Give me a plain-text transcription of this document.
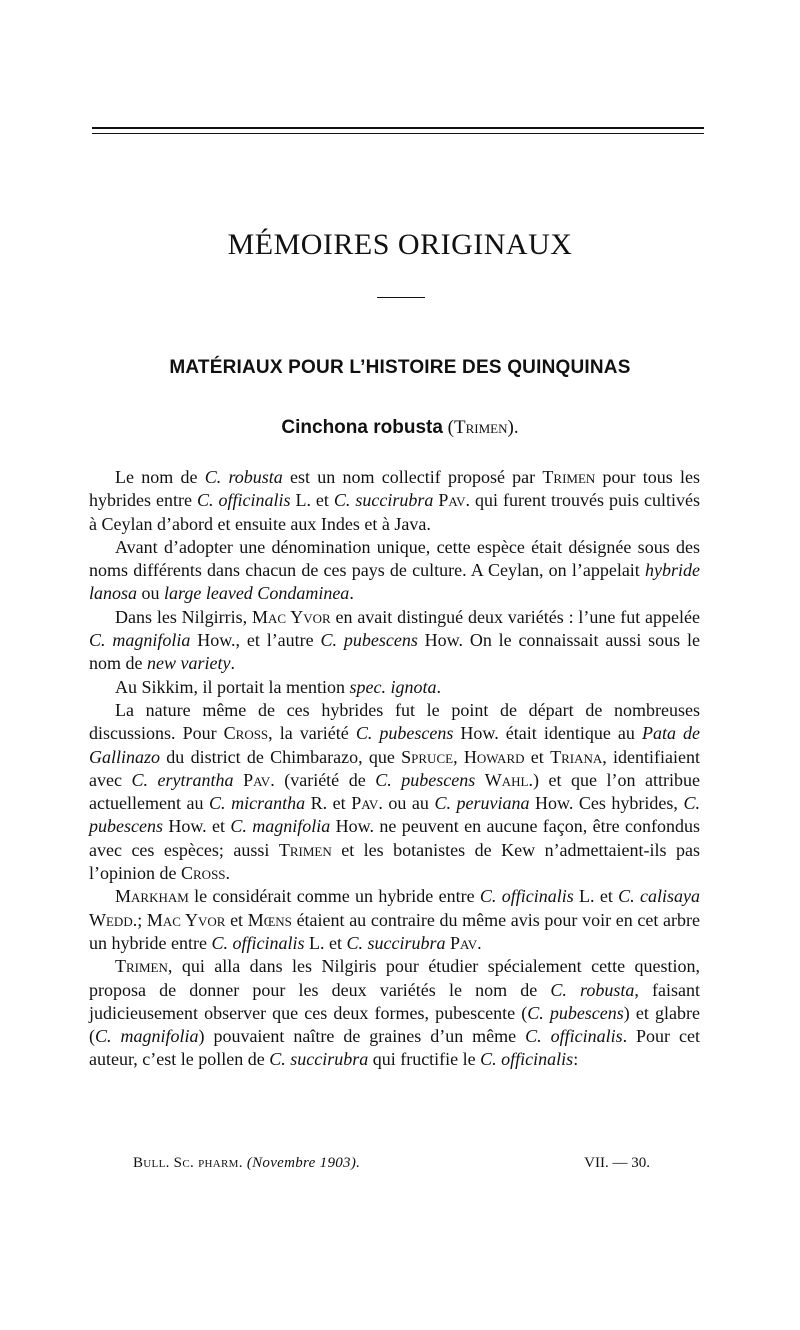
MÉMOIRES ORIGINAUX
MATÉRIAUX POUR L’HISTOIRE DES QUINQUINAS
Cinchona robusta (Trimen).

Le nom de C. robusta est un nom collectif proposé par Trimen pour tous les hybrides entre C. officinalis L. et C. succirubra Pav. qui furent trouvés puis cultivés à Ceylan d’abord et ensuite aux Indes et à Java.

Avant d’adopter une dénomination unique, cette espèce était désignée sous des noms différents dans chacun de ces pays de culture. A Ceylan, on l’appelait hybride lanosa ou large leaved Condaminea.

Dans les Nilgirris, Mac Yvor en avait distingué deux variétés : l’une fut appelée C. magnifolia How., et l’autre C. pubescens How. On le connaissait aussi sous le nom de new variety.

Au Sikkim, il portait la mention spec. ignota.

La nature même de ces hybrides fut le point de départ de nombreuses discussions. Pour Cross, la variété C. pubescens How. était identique au Pata de Gallinazo du district de Chimbarazo, que Spruce, Howard et Triana, identifiaient avec C. erytrantha Pav. (variété de C. pubescens Wahl.) et que l’on attribue actuellement au C. micrantha R. et Pav. ou au C. peruviana How. Ces hybrides, C. pubescens How. et C. magnifolia How. ne peuvent en aucune façon, être confondus avec ces espèces; aussi Trimen et les botanistes de Kew n’admettaient-ils pas l’opinion de Cross.

Markham le considérait comme un hybride entre C. officinalis L. et C. calisaya Wedd.; Mac Yvor et Mœns étaient au contraire du même avis pour voir en cet arbre un hybride entre C. officinalis L. et C. succirubra Pav.

Trimen, qui alla dans les Nilgiris pour étudier spécialement cette question, proposa de donner pour les deux variétés le nom de C. robusta, faisant judicieusement observer que ces deux formes, pubescente (C. pubescens) et glabre (C. magnifolia) pouvaient naître de graines d’un même C. officinalis. Pour cet auteur, c’est le pollen de C. succirubra qui fructifie le C. officinalis:

Bull. Sc. pharm. (Novembre 1903).	VII. — 30.
